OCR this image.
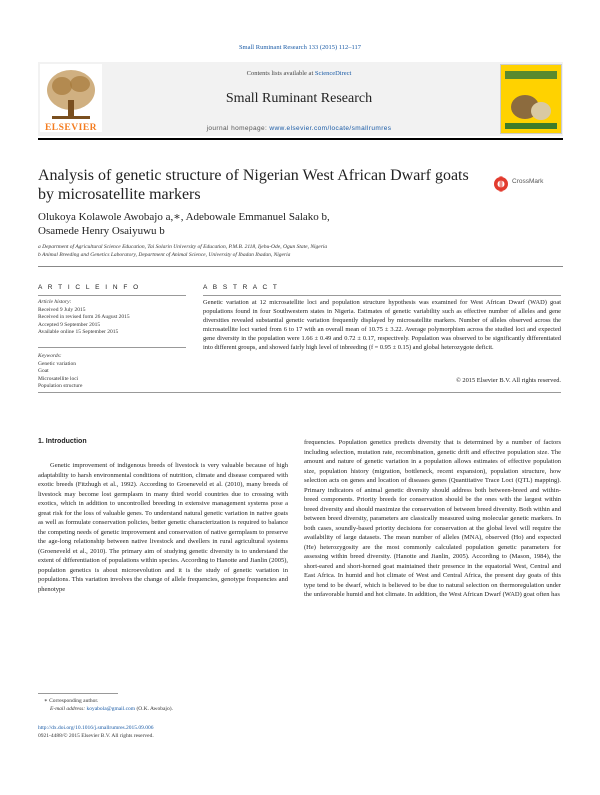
Small Ruminant Research 133 (2015) 112–117
ELSEVIER
Contents lists available at ScienceDirect
Small Ruminant Research
journal homepage: www.elsevier.com/locate/smallrumres
Analysis of genetic structure of Nigerian West African Dwarf goats by microsatellite markers
CrossMark
Olukoya Kolawole Awobajo a,∗, Adebowale Emmanuel Salako b,
Osamede Henry Osaiyuwu b
a Department of Agricultural Science Education, Tai Solarin University of Education, P.M.B. 2118, Ijebu-Ode, Ogun State, Nigeria
b Animal Breeding and Genetics Laboratory, Department of Animal Science, University of Ibadan Ibadan, Nigeria
A R T I C L E I N F O
Article history:
Received 9 July 2015
Received in revised form 26 August 2015
Accepted 9 September 2015
Available online 15 September 2015
Keywords:
Genetic variation
Goat
Microsatellite loci
Population structure
A B S T R A C T
Genetic variation at 12 microsatellite loci and population structure hypothesis was examined for West African Dwarf (WAD) goat populations found in four Southwestern states in Nigeria. Estimates of genetic variability such as effective number of alleles and gene diversities revealed substantial genetic variation frequently displayed by microsatellite markers. Number of alleles observed across the microsatellite loci varied from 6 to 17 with an overall mean of 10.75 ± 3.22. Average polymorphism across the studied loci and expected gene diversity in the population were 1.66 ± 0.49 and 0.72 ± 0.17, respectively. Population was observed to be significantly differentiated into different groups, and showed fairly high level of inbreeding (f = 0.95 ± 0.15) and global heterozygote deficit.
© 2015 Elsevier B.V. All rights reserved.
1. Introduction

Genetic improvement of indigenous breeds of livestock is very valuable because of high adaptability to harsh environmental conditions of nutrition, climate and disease compared with exotic breeds (Fitzhugh et al., 1992). According to Groeneveld et al. (2010), many breeds of livestock may become lost germplasm in many third world countries due to crossing with exotics, which in addition to uncontrolled breeding in extensive management systems pose a great risk for the loss of valuable genes. To understand natural genetic variation in native goats as well as formulate conservation policies, better genetic characterization is required to balance the competing needs of genetic improvement and conservation of native germplasm to preserve the age-long relationship between native livestock and dwellers in rural agricultural systems (Groeneveld et al., 2010). The primary aim of studying genetic diversity is to understand the extent of differentiation of populations within species. According to Hanotte and Jianlin (2005), population genetics is about microevolution and it is the study of genetic variation in populations. This variation involves the change of allele frequencies, genotype frequencies and phenotype

frequencies. Population genetics predicts diversity that is determined by a number of factors including selection, mutation rate, recombination, genetic drift and effective population size. The amount and nature of genetic variation in a population allows estimates of effective population size, population history (migration, bottleneck, recent expansion), population structure, how selection acts on genes and location of diseases genes (Quantitative Trace Loci (QTL) mapping). Primary indicators of animal genetic diversity should address both between-breed and within-breed components. Priority breeds for conservation should be the ones with the largest within breed diversity and should maximize the conservation of between breed diversity. Both within and between breed diversity, parameters are classically measured using molecular genetic markers. In both cases, soundly-based priority decisions for conservation at the global level will require the availability of large datasets. The mean number of alleles (MNA), observed (Ho) and expected (He) heterozygosity are the most commonly calculated population genetic parameters for assessing within breed diversity. (Hanotte and Jianlin, 2005). According to (Mason, 1984), the short-eared and short-horned goat maintained their presence in the equatorial West, Central and East Africa. In humid and hot climate of West and Central Africa, the present day goats of this type tend to be dwarf, which is believed to be due to natural selection on thermoregulation under the unfavorable humid and hot climate. In addition, the West African Dwarf (WAD) goat often has

∗ Corresponding author.
E-mail address: koyabola@gmail.com (O.K. Awobajo).
http://dx.doi.org/10.1016/j.smallrumres.2015.09.006
0921-4488/© 2015 Elsevier B.V. All rights reserved.
